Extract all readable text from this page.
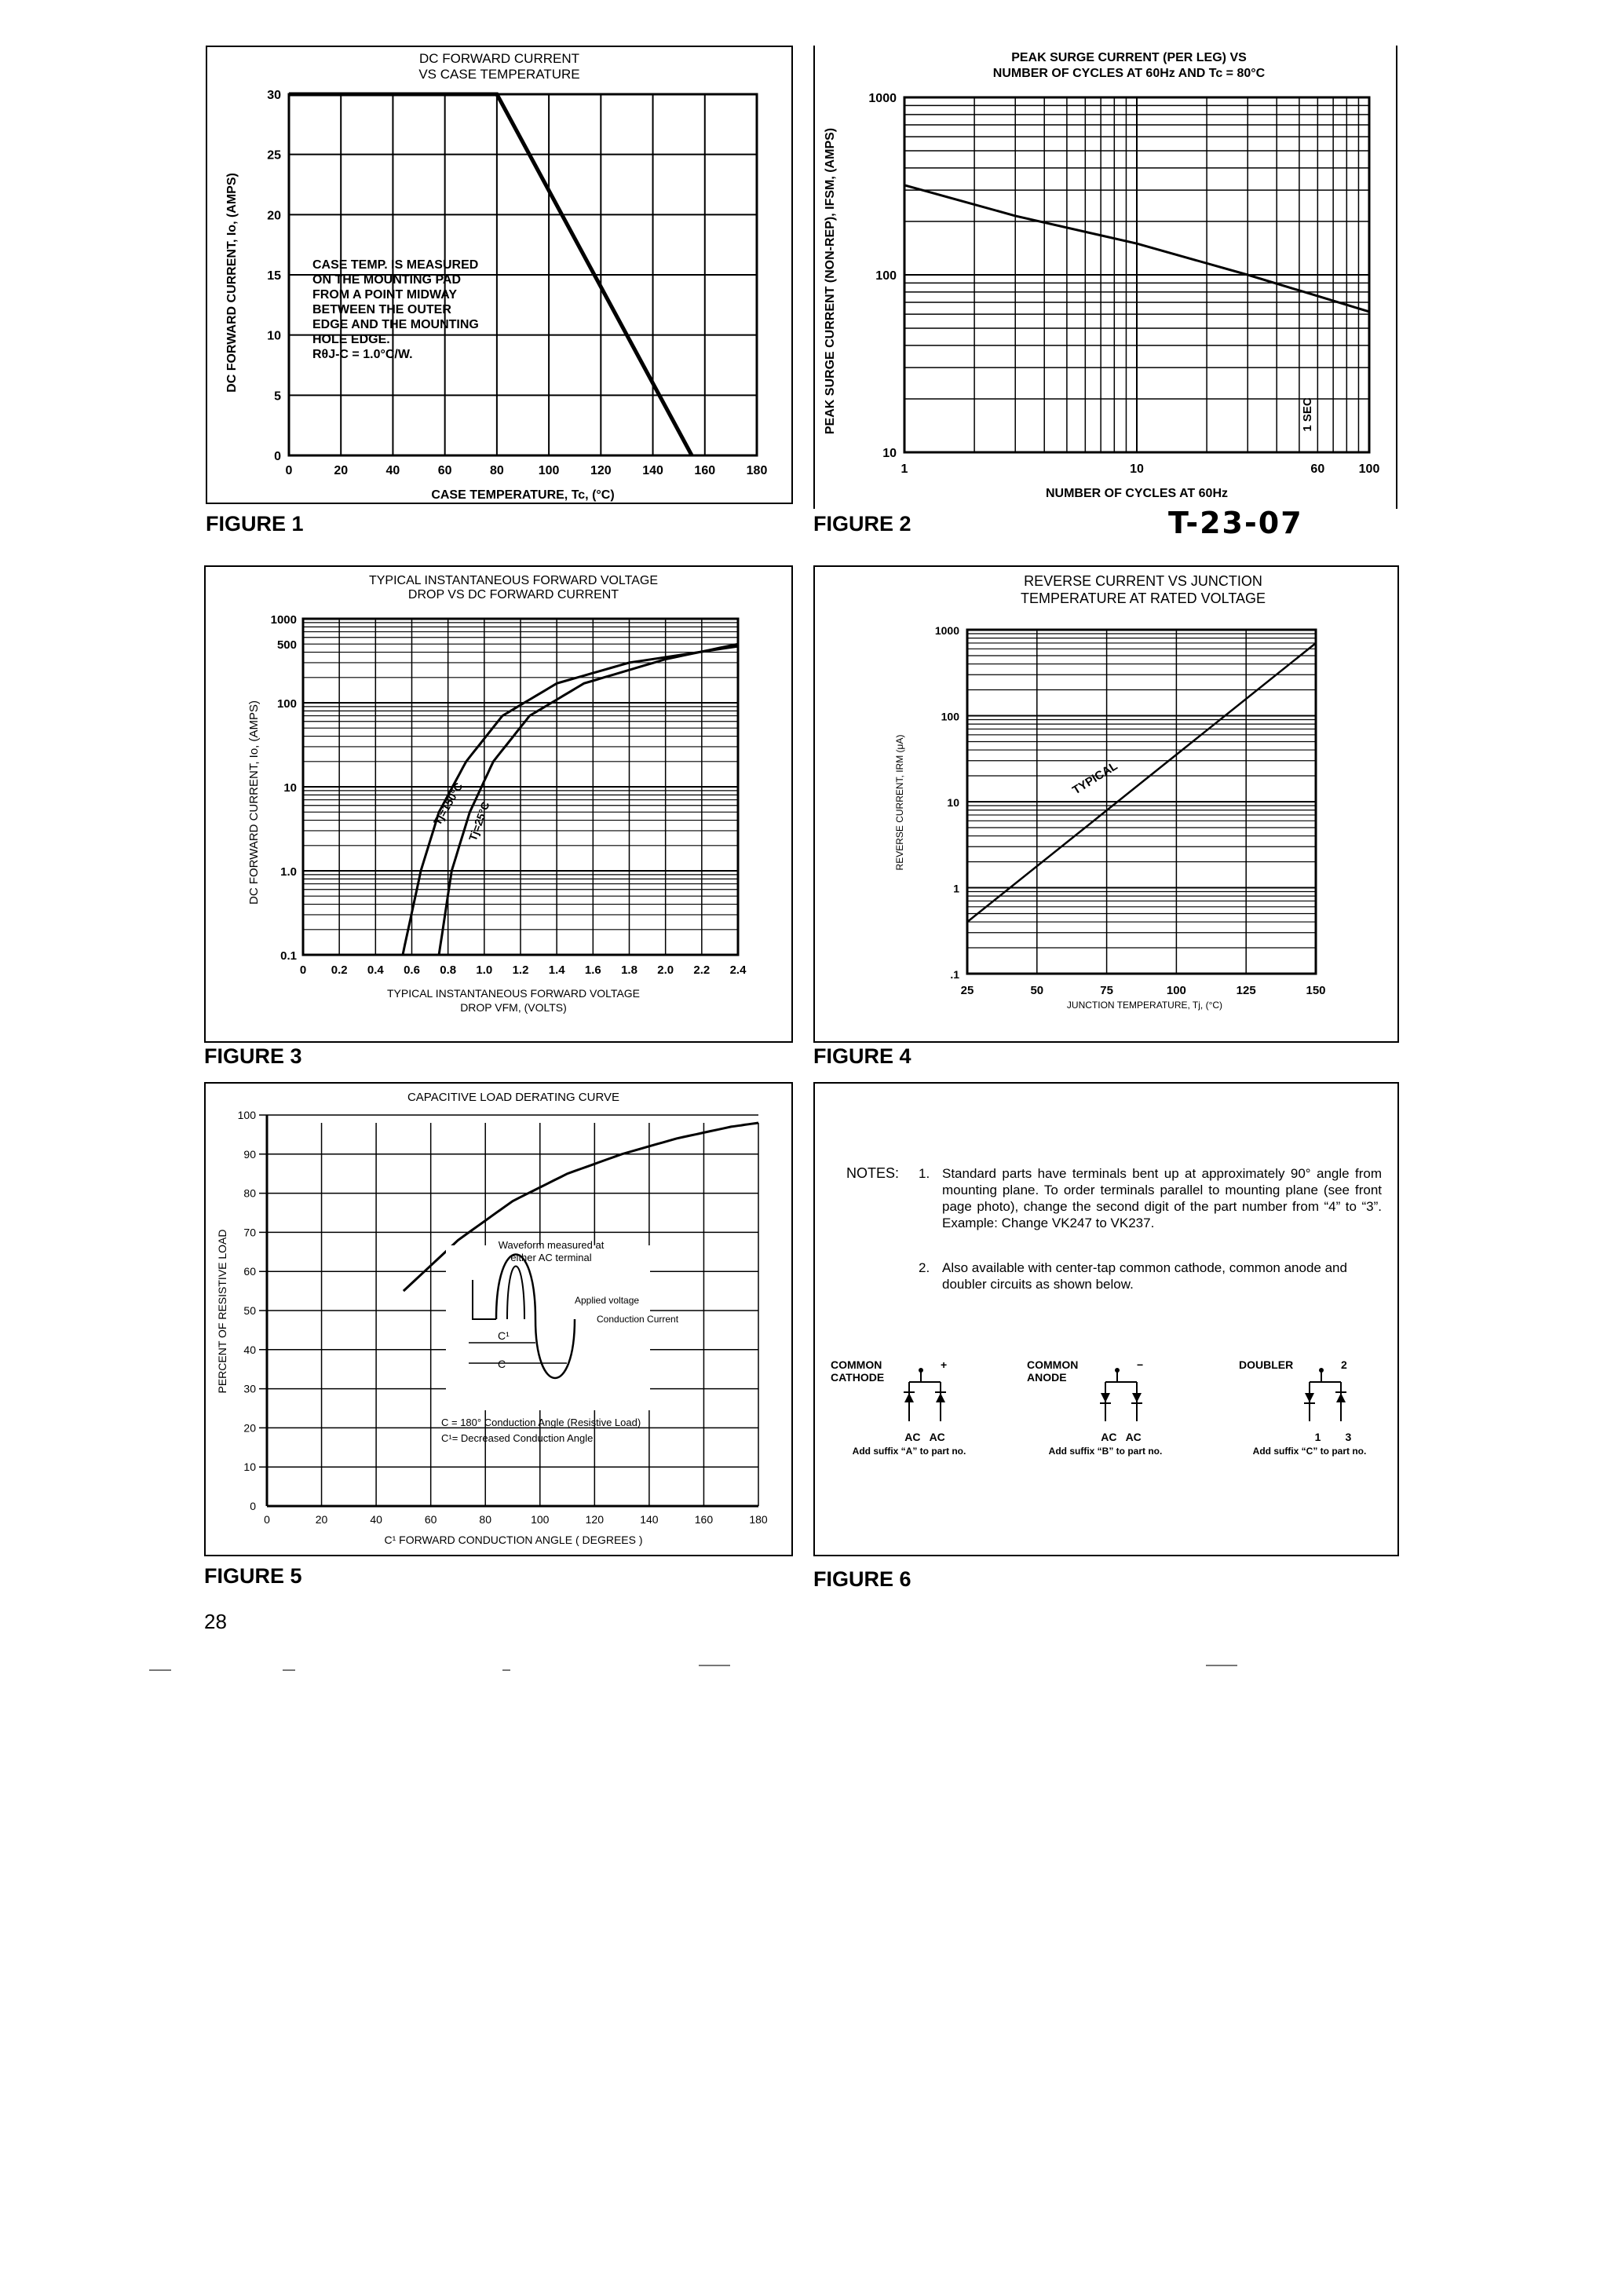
DC FORWARD CURRENT
VS CASE TEMPERATURE
0	20	40	60	80	100 120 140 160 180
0
5
10
15
20
25
30
CASE TEMP. IS MEASURED
ON THE MOUNTING PAD
FROM A POINT MIDWAY
BETWEEN THE OUTER
EDGE AND THE MOUNTING
HOLE EDGE.
RθJ-C = 1.0°C/W.
CASE TEMPERATURE, Tc, (°C)
DC FORWARD CURRENT, Io, (AMPS)
PEAK SURGE CURRENT (PER LEG) VS
NUMBER OF CYCLES AT 60Hz AND Tc = 80°C
1	10	60	100
10
100
1000
1 SEC
NUMBER OF CYCLES AT 60Hz
PEAK SURGE CURRENT (NON-REP), IFSM, (AMPS)
TYPICAL INSTANTANEOUS FORWARD VOLTAGE
DROP VS DC FORWARD CURRENT
0 0.2 0.4 0.6 0.8 1.0 1.2 1.4 1.6 1.8 2.0 2.2 2.4
0.1
1.0
10
100
500
1000
Tj=150°C Tj=25°C
TYPICAL INSTANTANEOUS FORWARD VOLTAGE
DROP VFM, (VOLTS)
DC FORWARD CURRENT, Io, (AMPS)
REVERSE CURRENT VS JUNCTION
TEMPERATURE AT RATED VOLTAGE
25	50	75	100	125	150
.1
1
10
100
1000
TYPICAL
JUNCTION TEMPERATURE, Tj, (°C)
REVERSE CURRENT, IRM (μA)
CAPACITIVE LOAD DERATING CURVE
0	20	40	60	80	100	120	140	160	180
0
10
20
30
40
50
60
70
80
90
100
Waveform measured at
either AC terminal
Applied voltage
Conduction Current
C¹
C
C = 180° Conduction Angle (Resistive Load)
C¹= Decreased Conduction Angle
C¹ FORWARD CONDUCTION ANGLE ( DEGREES )
PERCENT OF RESISTIVE LOAD
NOTES: 1. Standard parts have terminals bent up at approximately 90° angle from mounting plane. To order terminals parallel to mounting plane (see front page photo), change the second digit of the part number from “4” to “3”. Example: Change VK247 to VK237.
2. Also available with center-tap common cathode, common anode and doubler circuits as shown below.
COMMON CATHODE
+
AC   AC
Add suffix “A” to part no.
COMMON ANODE
−
AC   AC
Add suffix “B” to part no.
DOUBLER	2
1        3
Add suffix “C” to part no.
FIGURE 1	FIGURE 2	T-23-07
FIGURE 3	FIGURE 4
FIGURE 5	FIGURE 6
28
